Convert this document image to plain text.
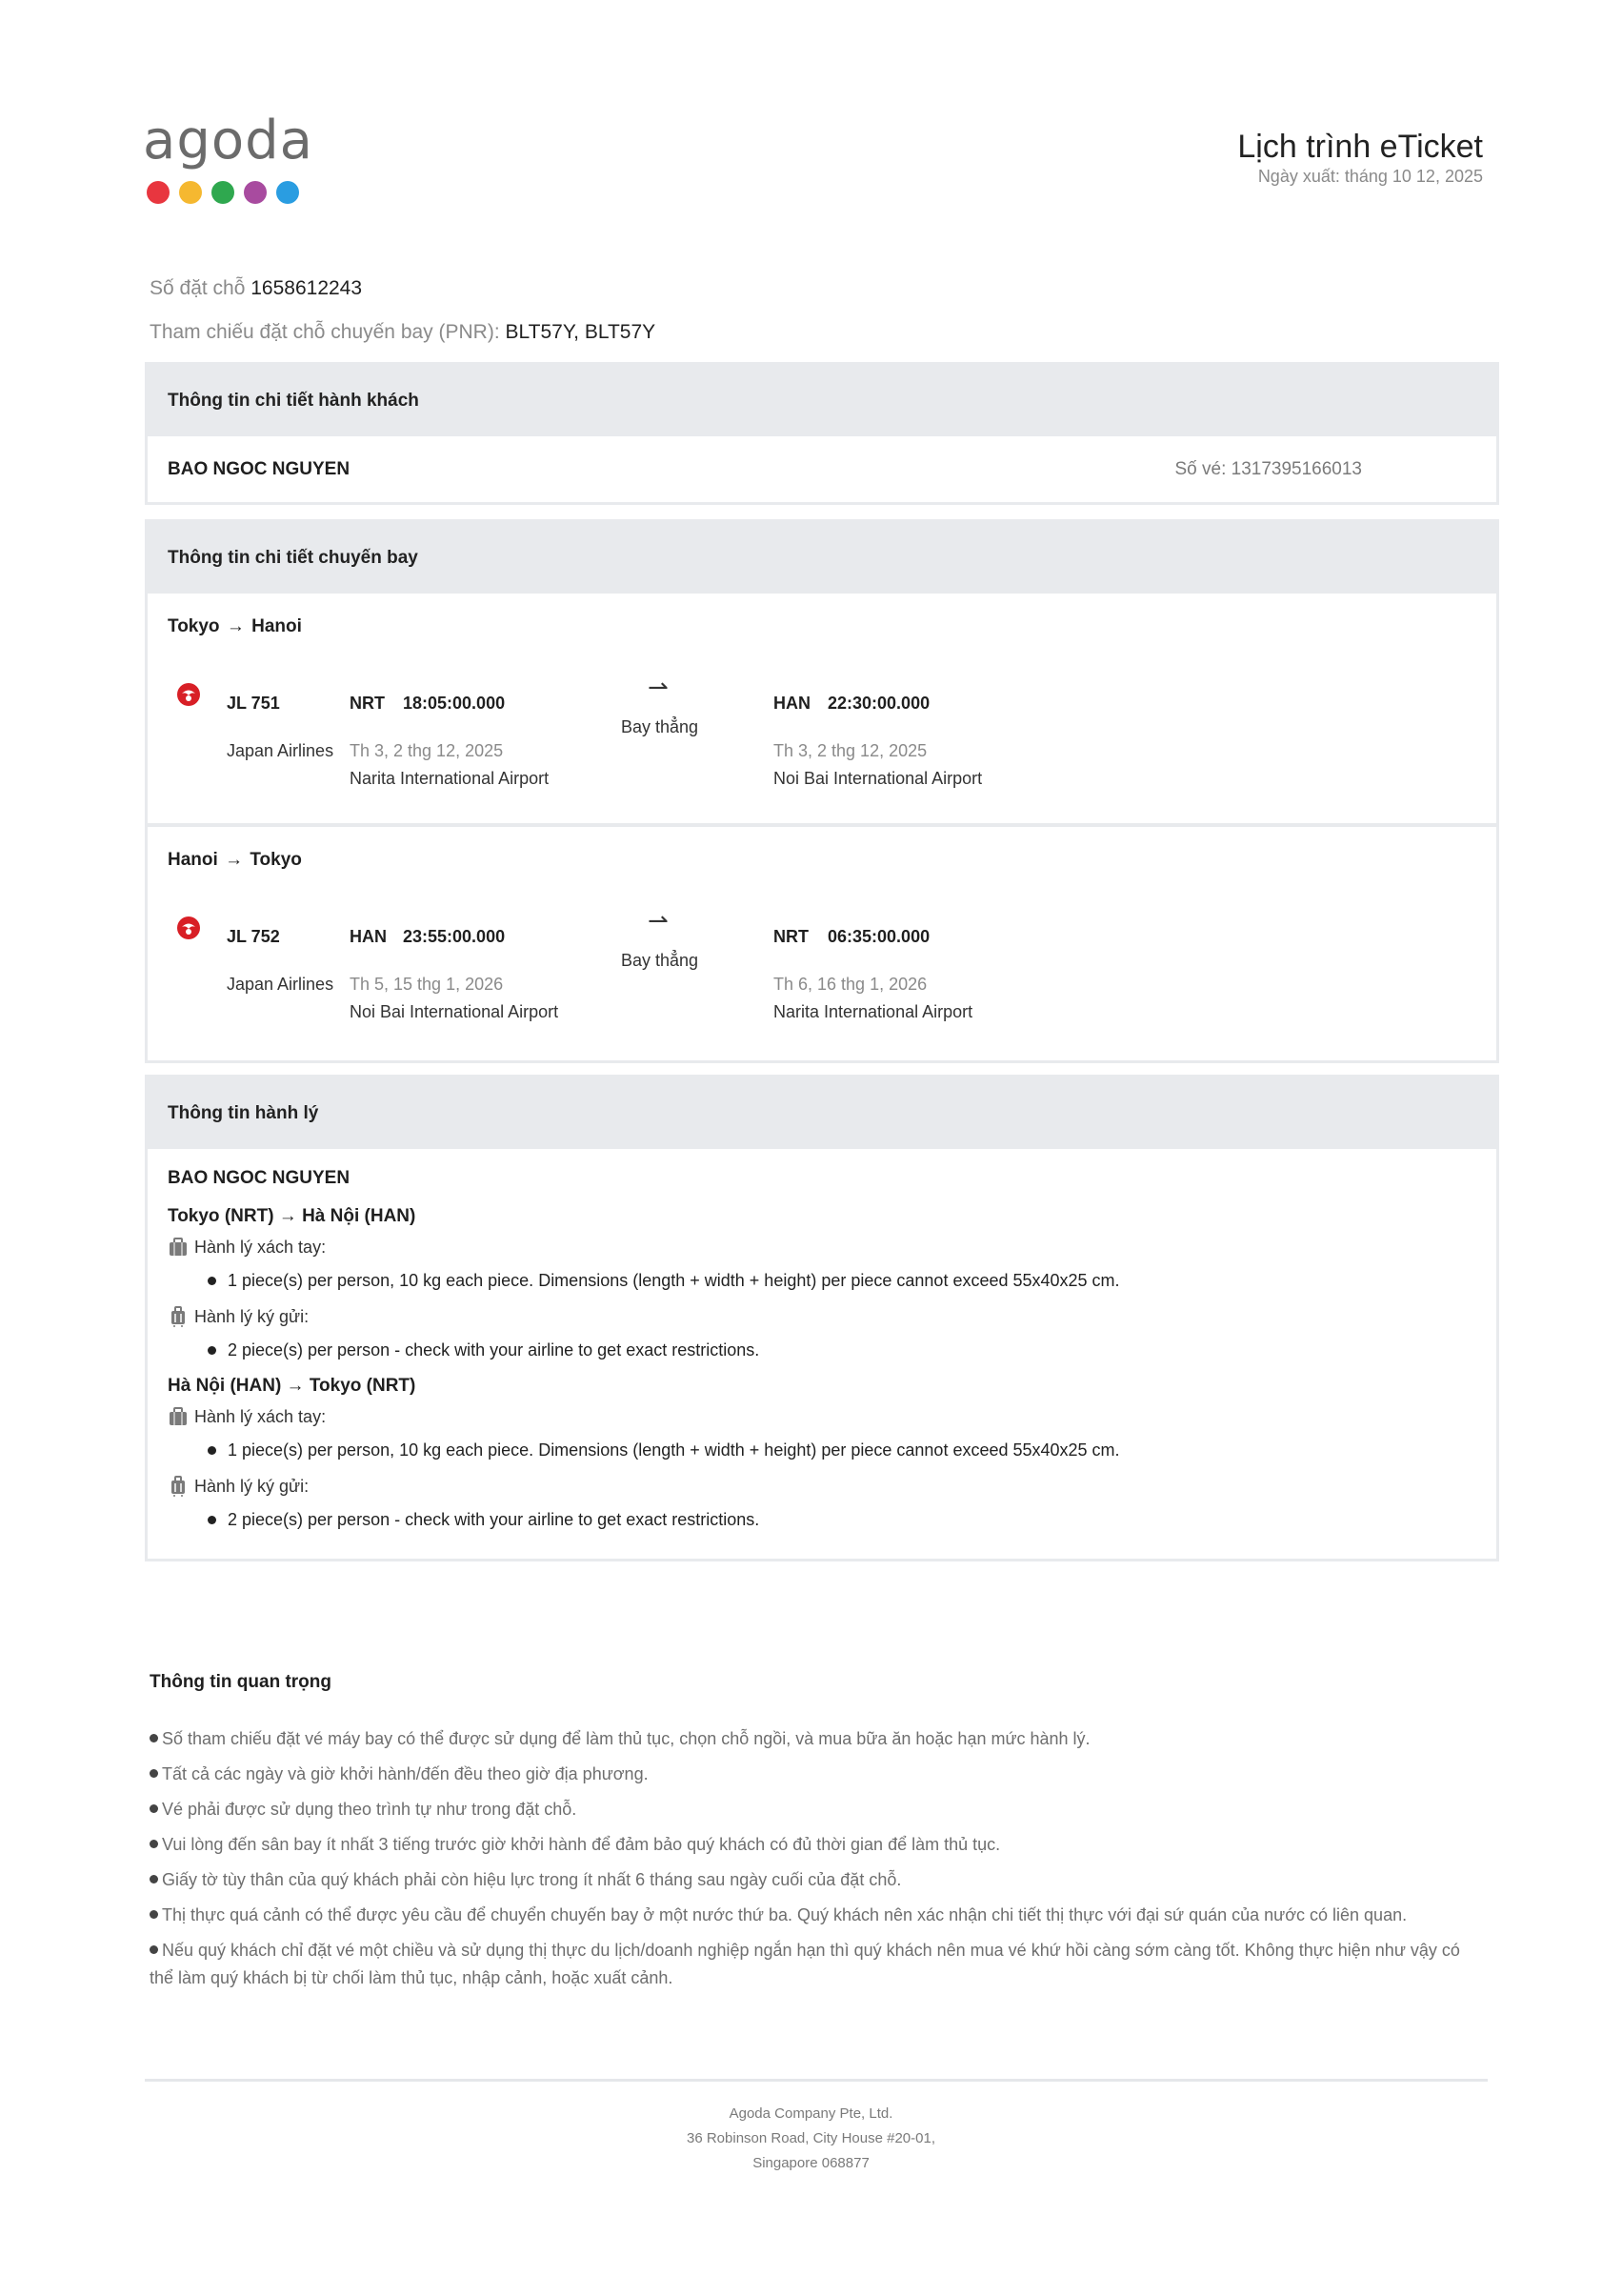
agoda	Lịch trình eTicket
Ngày xuất: tháng 10 12, 2025
Số đặt chỗ 1658612243
Tham chiếu đặt chỗ chuyến bay (PNR): BLT57Y, BLT57Y
Thông tin chi tiết hành khách
BAO NGOC NGUYEN	Số vé: 1317395166013
Thông tin chi tiết chuyến bay
Tokyo → Hanoi
JL 751
Japan Airlines
NRT 18:05:00.000
Th 3, 2 thg 12, 2025
Narita International Airport
⇀
Bay thẳng
HAN 22:30:00.000
Th 3, 2 thg 12, 2025
Noi Bai International Airport
Hanoi → Tokyo
JL 752
Japan Airlines
HAN 23:55:00.000
Th 5, 15 thg 1, 2026
Noi Bai International Airport
⇀
Bay thẳng
NRT 06:35:00.000
Th 6, 16 thg 1, 2026
Narita International Airport
Thông tin hành lý
BAO NGOC NGUYEN
Tokyo (NRT) → Hà Nội (HAN)
Hành lý xách tay:
1 piece(s) per person, 10 kg each piece. Dimensions (length + width + height) per piece cannot exceed 55x40x25 cm.
Hành lý ký gửi:
2 piece(s) per person - check with your airline to get exact restrictions.
Hà Nội (HAN) → Tokyo (NRT)
Hành lý xách tay:
1 piece(s) per person, 10 kg each piece. Dimensions (length + width + height) per piece cannot exceed 55x40x25 cm.
Hành lý ký gửi:
2 piece(s) per person - check with your airline to get exact restrictions.
Thông tin quan trọng
Số tham chiếu đặt vé máy bay có thể được sử dụng để làm thủ tục, chọn chỗ ngồi, và mua bữa ăn hoặc hạn mức hành lý.
Tất cả các ngày và giờ khởi hành/đến đều theo giờ địa phương.
Vé phải được sử dụng theo trình tự như trong đặt chỗ.
Vui lòng đến sân bay ít nhất 3 tiếng trước giờ khởi hành để đảm bảo quý khách có đủ thời gian để làm thủ tục.
Giấy tờ tùy thân của quý khách phải còn hiệu lực trong ít nhất 6 tháng sau ngày cuối của đặt chỗ.
Thị thực quá cảnh có thể được yêu cầu để chuyển chuyến bay ở một nước thứ ba. Quý khách nên xác nhận chi tiết thị thực với đại sứ quán của nước có liên quan.
Nếu quý khách chỉ đặt vé một chiều và sử dụng thị thực du lịch/doanh nghiệp ngắn hạn thì quý khách nên mua vé khứ hồi càng sớm càng tốt. Không thực hiện như vậy có thể làm quý khách bị từ chối làm thủ tục, nhập cảnh, hoặc xuất cảnh.
Agoda Company Pte, Ltd.
36 Robinson Road, City House #20-01,
Singapore 068877
